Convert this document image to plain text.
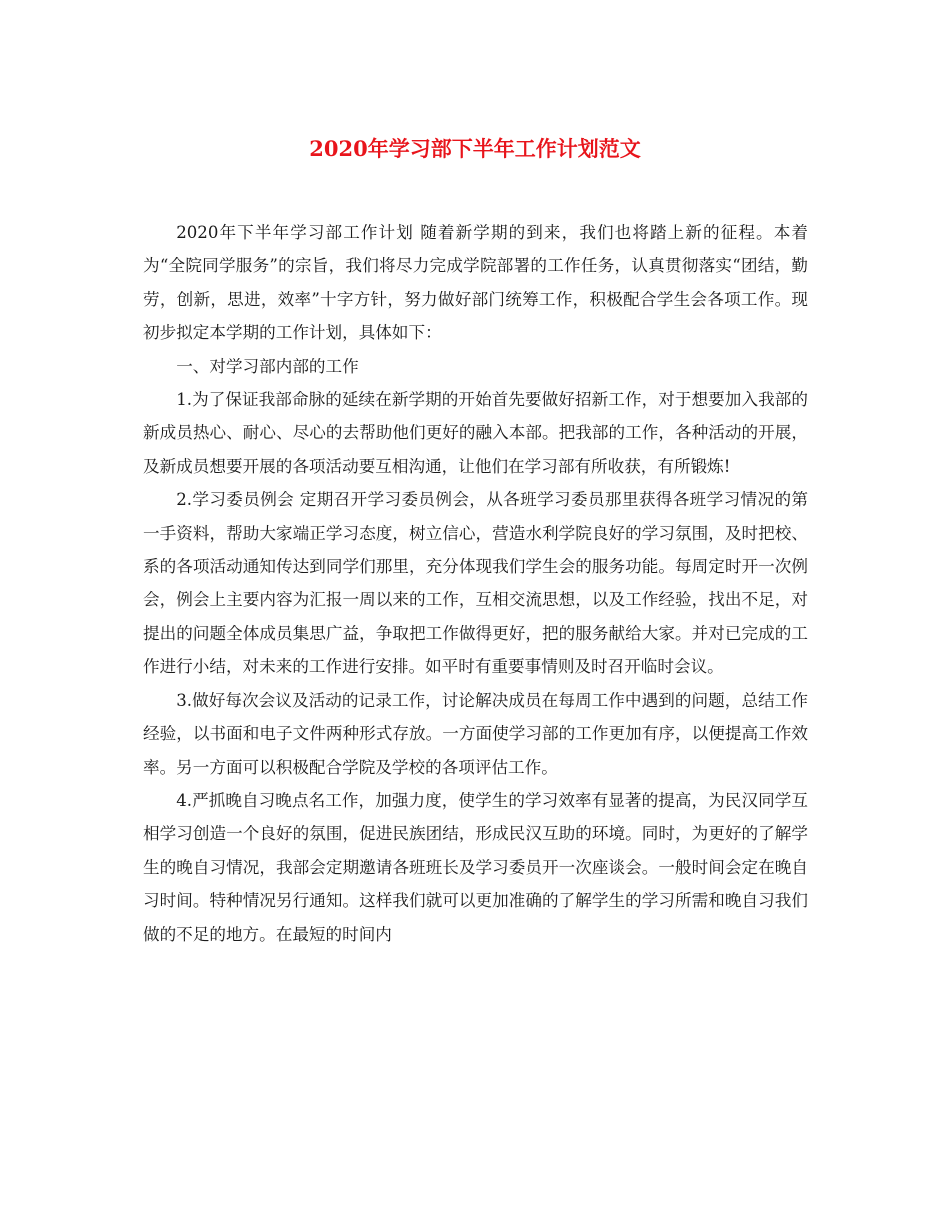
2020年学习部下半年工作计划范文

2020年下半年学习部工作计划 随着新学期的到来，我们也将踏上新的征程。本着为“全院同学服务”的宗旨，我们将尽力完成学院部署的工作任务，认真贯彻落实“团结，勤劳，创新，思进，效率”十字方针，努力做好部门统筹工作，积极配合学生会各项工作。现初步拟定本学期的工作计划，具体如下：

一、对学习部内部的工作

1.为了保证我部命脉的延续在新学期的开始首先要做好招新工作，对于想要加入我部的新成员热心、耐心、尽心的去帮助他们更好的融入本部。把我部的工作，各种活动的开展，及新成员想要开展的各项活动要互相沟通，让他们在学习部有所收获，有所锻炼!

2.学习委员例会 定期召开学习委员例会，从各班学习委员那里获得各班学习情况的第一手资料，帮助大家端正学习态度，树立信心，营造水利学院良好的学习氛围，及时把校、系的各项活动通知传达到同学们那里，充分体现我们学生会的服务功能。每周定时开一次例会，例会上主要内容为汇报一周以来的工作，互相交流思想，以及工作经验，找出不足，对提出的问题全体成员集思广益，争取把工作做得更好，把的服务献给大家。并对已完成的工作进行小结，对未来的工作进行安排。如平时有重要事情则及时召开临时会议。

3.做好每次会议及活动的记录工作，讨论解决成员在每周工作中遇到的问题，总结工作经验，以书面和电子文件两种形式存放。一方面使学习部的工作更加有序，以便提高工作效率。另一方面可以积极配合学院及学校的各项评估工作。

4.严抓晚自习晚点名工作，加强力度，使学生的学习效率有显著的提高，为民汉同学互相学习创造一个良好的氛围，促进民族团结，形成民汉互助的环境。同时，为更好的了解学生的晚自习情况，我部会定期邀请各班班长及学习委员开一次座谈会。一般时间会定在晚自习时间。特种情况另行通知。这样我们就可以更加准确的了解学生的学习所需和晚自习我们做的不足的地方。在最短的时间内
